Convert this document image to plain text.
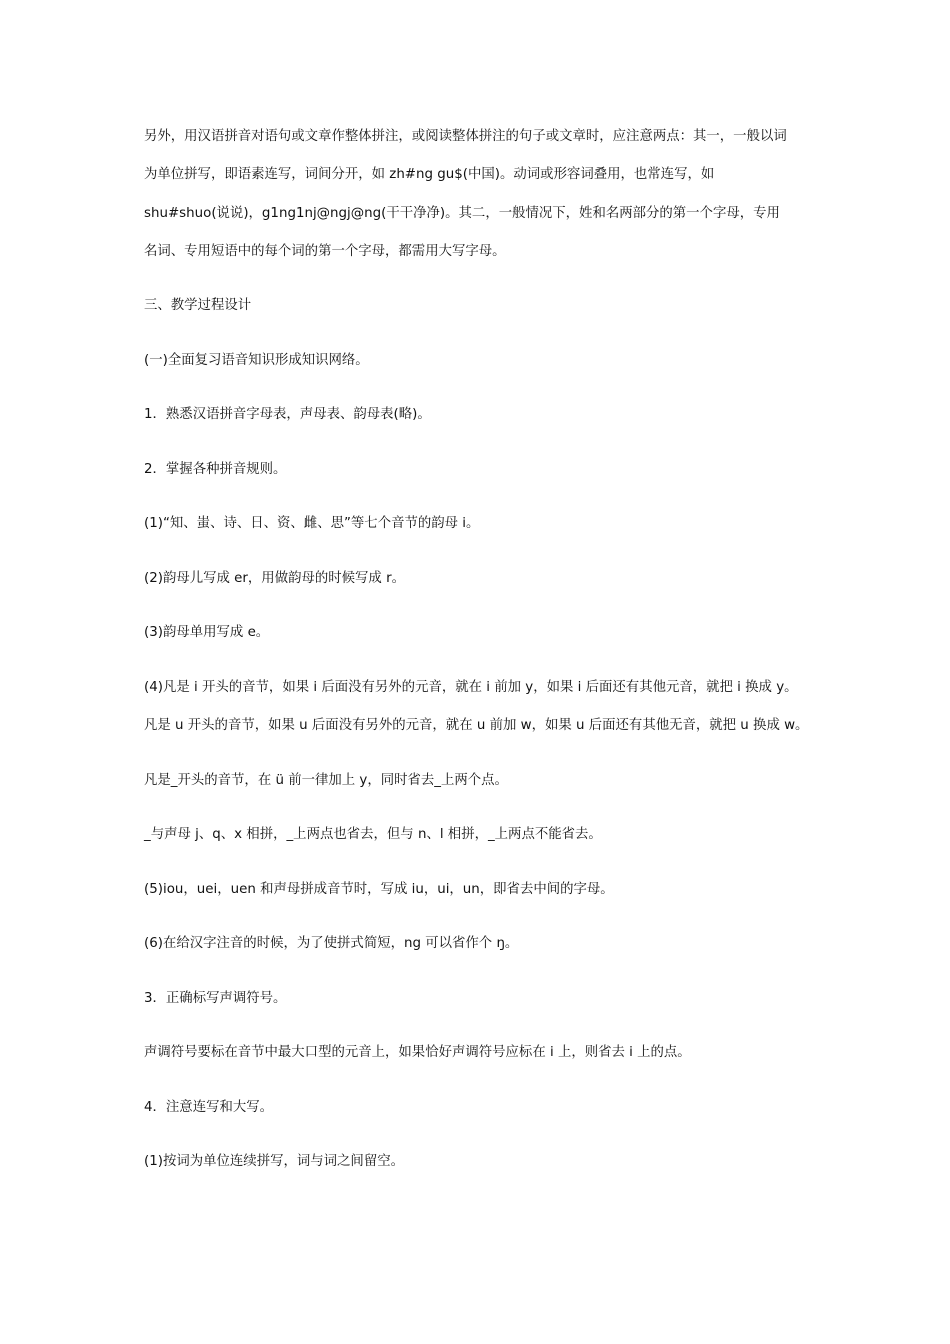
另外，用汉语拼音对语句或文章作整体拼注，或阅读整体拼注的句子或文章时，应注意两点：其一，一般以词

为单位拼写，即语素连写，词间分开，如 zh#ng gu$(中国)。动词或形容词叠用，也常连写，如

shu#shuo(说说)，g1ng1nj@ngj@ng(干干净净)。其二，一般情况下，姓和名两部分的第一个字母，专用

名词、专用短语中的每个词的第一个字母，都需用大写字母。

三、教学过程设计

(一)全面复习语音知识形成知识网络。

1．熟悉汉语拼音字母表，声母表、韵母表(略)。

2．掌握各种拼音规则。

(1)“知、蚩、诗、日、资、雌、思”等七个音节的韵母 i。

(2)韵母儿写成 er，用做韵母的时候写成 r。

(3)韵母单用写成 e。

(4)凡是 i 开头的音节，如果 i 后面没有另外的元音，就在 i 前加 y，如果 i 后面还有其他元音，就把 i 换成 y。

凡是 u 开头的音节，如果 u 后面没有另外的元音，就在 u 前加 w，如果 u 后面还有其他无音，就把 u 换成 w。

凡是_开头的音节，在 ü 前一律加上 y，同时省去_上两个点。

_与声母 j、q、x 相拼，_上两点也省去，但与 n、l 相拼，_上两点不能省去。

(5)iou，uei，uen 和声母拼成音节时，写成 iu，ui，un，即省去中间的字母。

(6)在给汉字注音的时候，为了使拼式简短，ng 可以省作个 ŋ。

3．正确标写声调符号。

声调符号要标在音节中最大口型的元音上，如果恰好声调符号应标在 i 上，则省去 i 上的点。

4．注意连写和大写。

(1)按词为单位连续拼写，词与词之间留空。
